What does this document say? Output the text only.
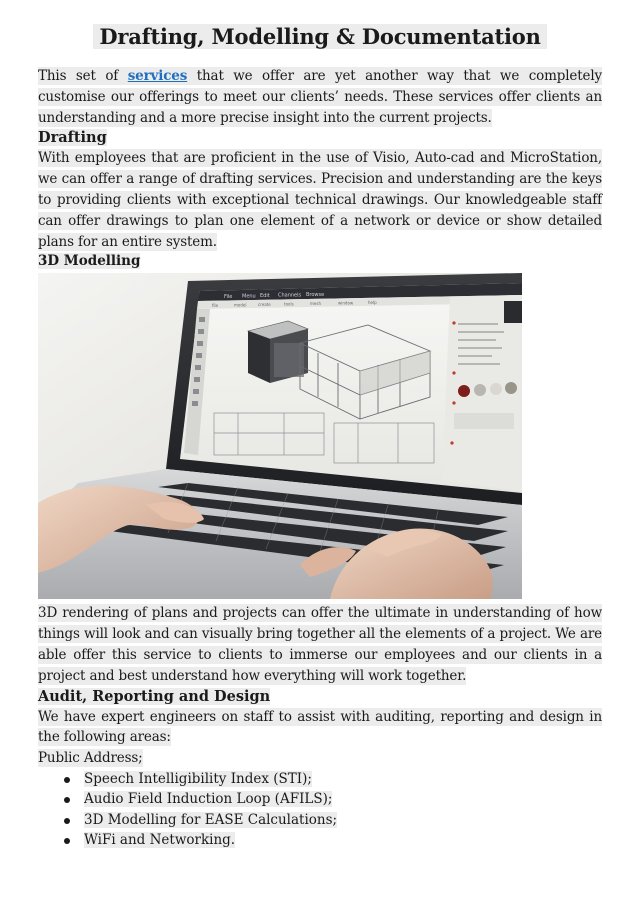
Drafting, Modelling & Documentation

This set of services that we offer are yet another way that we completely customise our offerings to meet our clients’ needs. These services offer clients an understanding and a more precise insight into the current projects.

Drafting

With employees that are proficient in the use of Visio, Auto-cad and MicroStation, we can offer a range of drafting services. Precision and understanding are the keys to providing clients with exceptional technical drawings. Our knowledgeable staff can offer drawings to plan one element of a network or device or show detailed plans for an entire system.

3D Modelling
File Menu Edit Channels Browse
file	model	create	tools	mesh	window	help

3D rendering of plans and projects can offer the ultimate in understanding of how things will look and can visually bring together all the elements of a project. We are able offer this service to clients to immerse our employees and our clients in a project and best understand how everything will work together.

Audit, Reporting and Design

We have expert engineers on staff to assist with auditing, reporting and design in the following areas:

Public Address;

Speech Intelligibility Index (STI);
Audio Field Induction Loop (AFILS);
3D Modelling for EASE Calculations;
WiFi and Networking.
